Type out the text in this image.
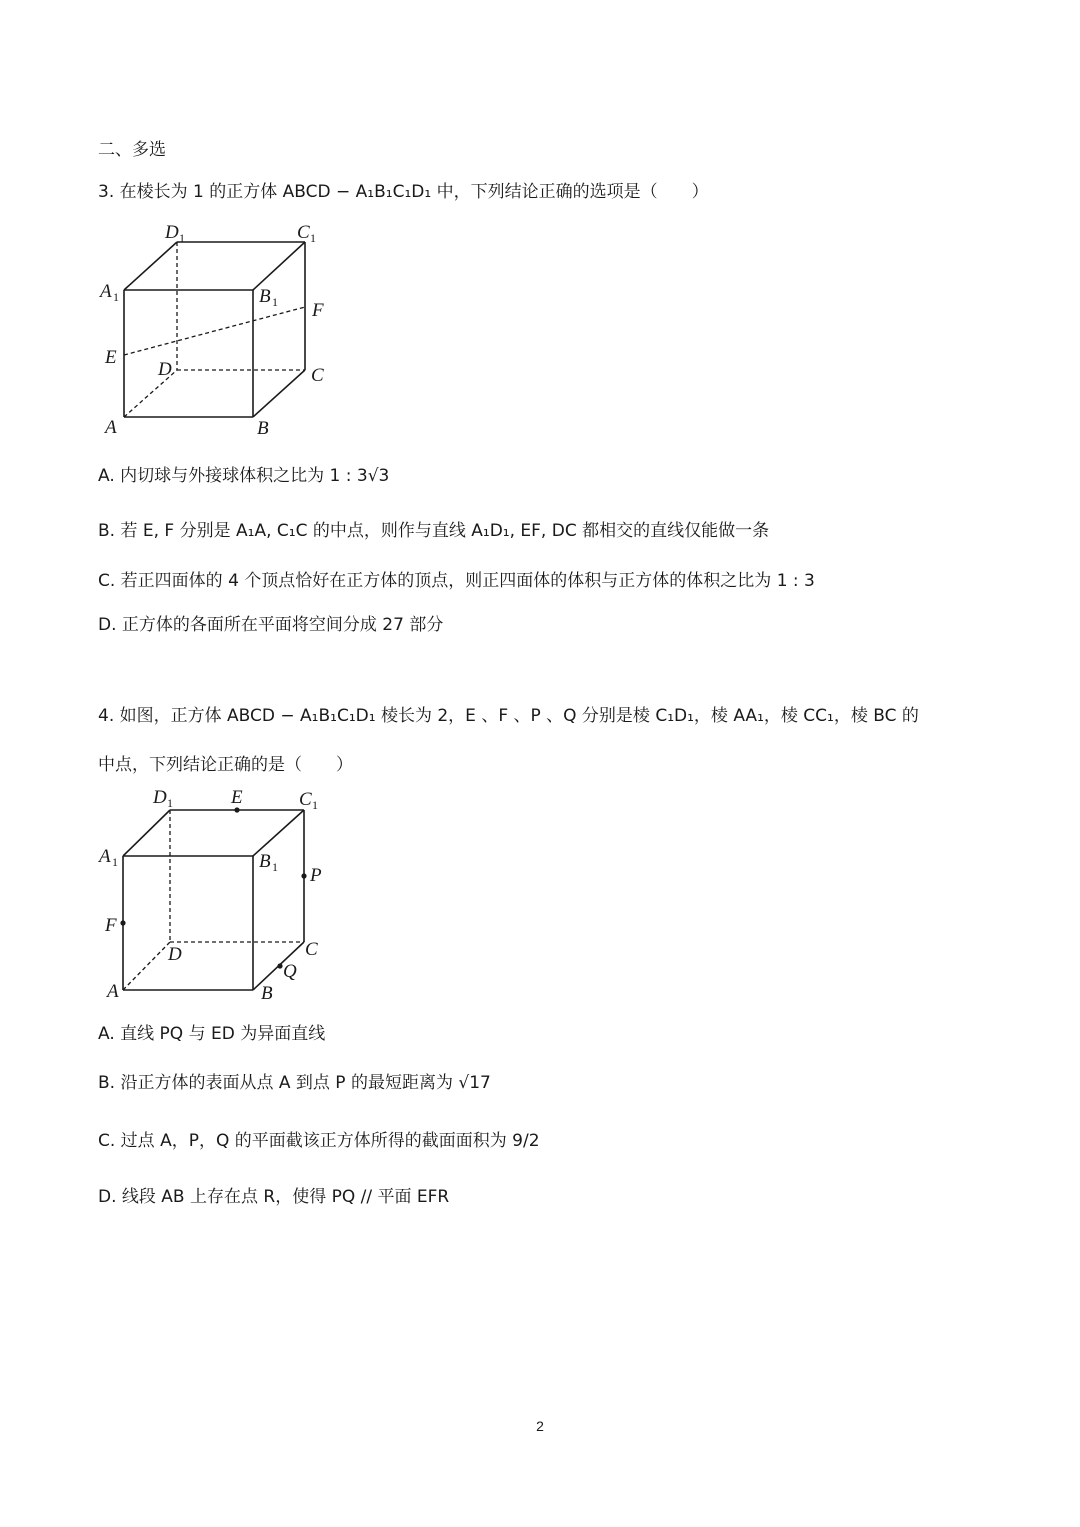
二、多选
3. 在棱长为 1 的正方体 ABCD − A₁B₁C₁D₁ 中，下列结论正确的选项是（　　）
D 1	C 1
A 1	B 1 F
E
D	C
A	B
A. 内切球与外接球体积之比为 1 : 3√3
B. 若 E, F 分别是 A₁A, C₁C 的中点，则作与直线 A₁D₁, EF, DC 都相交的直线仅能做一条
C. 若正四面体的 4 个顶点恰好在正方体的顶点，则正四面体的体积与正方体的体积之比为 1 : 3
D. 正方体的各面所在平面将空间分成 27 部分
4. 如图，正方体 ABCD − A₁B₁C₁D₁ 棱长为 2，E 、F 、P 、Q 分别是棱 C₁D₁，棱 AA₁，棱 CC₁，棱 BC 的
中点，下列结论正确的是（　　）
D 1	E	C 1
A 1	B 1 P
F
D	C
Q
A	B
A. 直线 PQ 与 ED 为异面直线
B. 沿正方体的表面从点 A 到点 P 的最短距离为 √17
C. 过点 A，P，Q 的平面截该正方体所得的截面面积为 9/2
D. 线段 AB 上存在点 R，使得 PQ // 平面 EFR
2
